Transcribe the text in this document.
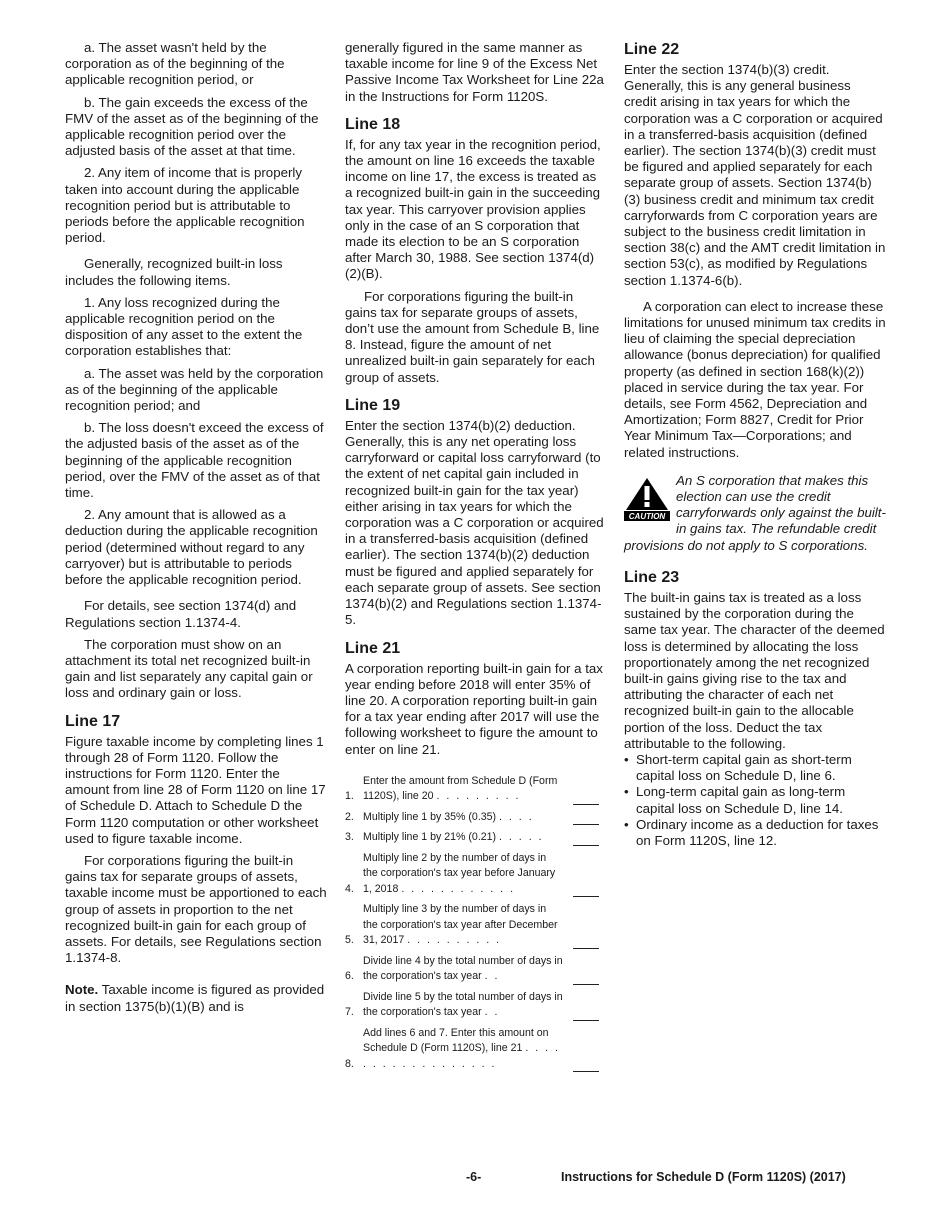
a. The asset wasn't held by the corporation as of the beginning of the applicable recognition period, or

b. The gain exceeds the excess of the FMV of the asset as of the beginning of the applicable recognition period over the adjusted basis of the asset at that time.

2. Any item of income that is properly taken into account during the applicable recognition period but is attributable to periods before the applicable recognition period.

Generally, recognized built-in loss includes the following items.

1. Any loss recognized during the applicable recognition period on the disposition of any asset to the extent the corporation establishes that:

a. The asset was held by the corporation as of the beginning of the applicable recognition period; and

b. The loss doesn't exceed the excess of the adjusted basis of the asset as of the beginning of the applicable recognition period, over the FMV of the asset as of that time.

2. Any amount that is allowed as a deduction during the applicable recognition period (determined without regard to any carryover) but is attributable to periods before the applicable recognition period.

For details, see section 1374(d) and Regulations section 1.1374-4.

The corporation must show on an attachment its total net recognized built-in gain and list separately any capital gain or loss and ordinary gain or loss.

Line 17

Figure taxable income by completing lines 1 through 28 of Form 1120. Follow the instructions for Form 1120. Enter the amount from line 28 of Form 1120 on line 17 of Schedule D. Attach to Schedule D the Form 1120 computation or other worksheet used to figure taxable income.

For corporations figuring the built-in gains tax for separate groups of assets, taxable income must be apportioned to each group of assets in proportion to the net recognized built-in gain for each group of assets. For details, see Regulations section 1.1374-8.

Note. Taxable income is figured as provided in section 1375(b)(1)(B) and is

generally figured in the same manner as taxable income for line 9 of the Excess Net Passive Income Tax Worksheet for Line 22a in the Instructions for Form 1120S.

Line 18

If, for any tax year in the recognition period, the amount on line 16 exceeds the taxable income on line 17, the excess is treated as a recognized built-in gain in the succeeding tax year. This carryover provision applies only in the case of an S corporation that made its election to be an S corporation after March 30, 1988. See section 1374(d)(2)(B).

For corporations figuring the built-in gains tax for separate groups of assets, don’t use the amount from Schedule B, line 8. Instead, figure the amount of net unrealized built-in gain separately for each group of assets.

Line 19

Enter the section 1374(b)(2) deduction. Generally, this is any net operating loss carryforward or capital loss carryforward (to the extent of net capital gain included in recognized built-in gain for the tax year) either arising in tax years for which the corporation was a C corporation or acquired in a transferred-basis acquisition (defined earlier). The section 1374(b)(2) deduction must be figured and applied separately for each separate group of assets. See section 1374(b)(2) and Regulations section 1.1374-5.

Line 21

A corporation reporting built-in gain for a tax year ending before 2018 will enter 35% of line 20. A corporation reporting built-in gain for a tax year ending after 2017 will use the following worksheet to figure the amount to enter on line 21.

1.
Enter the amount from Schedule D (Form 1120S), line 20 . . . . . . . . .
2. Multiply line 1 by 35% (0.35) . . . .
3. Multiply line 1 by 21% (0.21) . . . . .
4.
Multiply line 2 by the number of days in the corporation's tax year before January 1, 2018 . . . . . . . . . . . .
5.
Multiply line 3 by the number of days in the corporation's tax year after December 31, 2017 . . . . . . . . . .
6.
Divide line 4 by the total number of days in the corporation's tax year . .
7.
Divide line 5 by the total number of days in the corporation's tax year . .
8.
Add lines 6 and 7. Enter this amount on Schedule D (Form 1120S), line 21 . . . . . . . . . . . . . . . . . .
Line 22

Enter the section 1374(b)(3) credit. Generally, this is any general business credit arising in tax years for which the corporation was a C corporation or acquired in a transferred-basis acquisition (defined earlier). The section 1374(b)(3) credit must be figured and applied separately for each separate group of assets. Section 1374(b)(3) business credit and minimum tax credit carryforwards from C corporation years are subject to the business credit limitation in section 38(c) and the AMT credit limitation in section 53(c), as modified by Regulations section 1.1374-6(b).

A corporation can elect to increase these limitations for unused minimum tax credits in lieu of claiming the special depreciation allowance (bonus depreciation) for qualified property (as defined in section 168(k)(2)) placed in service during the tax year. For details, see Form 4562, Depreciation and Amortization; Form 8827, Credit for Prior Year Minimum Tax—Corporations; and related instructions.

CAUTION
An S corporation that makes this election can use the credit carryforwards only against the built-in gains tax. The refundable credit provisions do not apply to S corporations.
Line 23

The built-in gains tax is treated as a loss sustained by the corporation during the same tax year. The character of the deemed loss is determined by allocating the loss proportionately among the net recognized built-in gains giving rise to the tax and attributing the character of each net recognized built-in gain to the allocable portion of the loss. Deduct the tax attributable to the following.

• Short-term capital gain as short-term capital loss on Schedule D, line 6.
• Long-term capital gain as long-term capital loss on Schedule D, line 14.
• Ordinary income as a deduction for taxes on Form 1120S, line 12.
-6-	Instructions for Schedule D (Form 1120S) (2017)
